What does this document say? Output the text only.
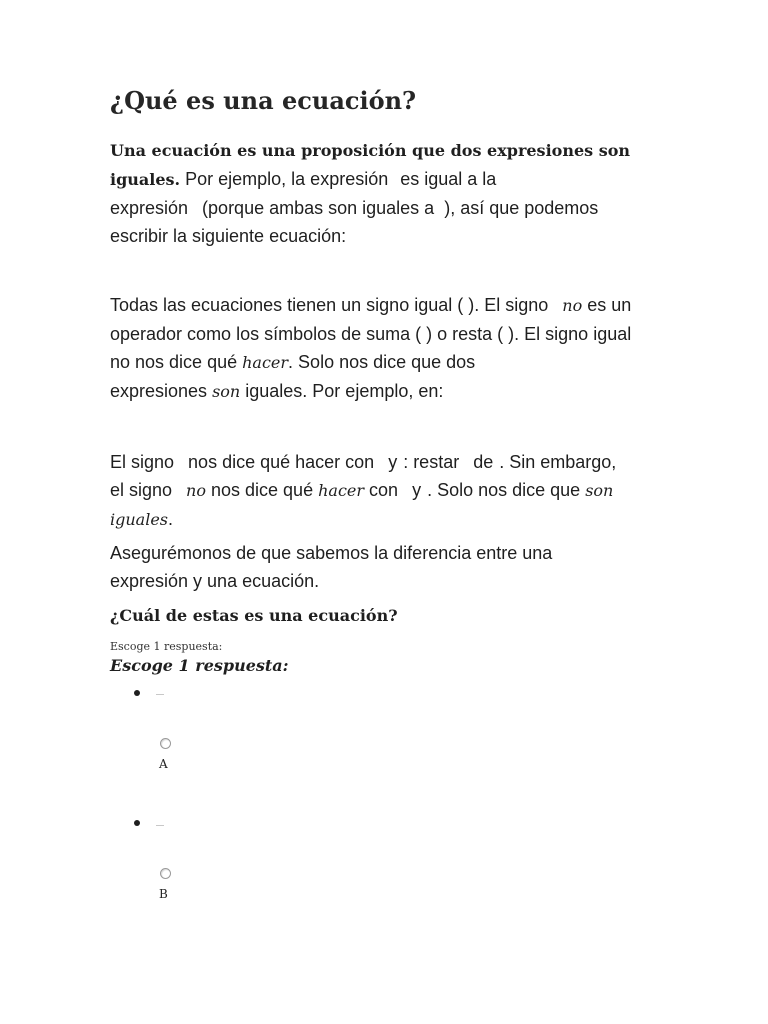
¿Qué es una ecuación?

Una ecuación es una proposición que dos expresiones son
iguales. Por ejemplo, la expresión es igual a la
expresión (porque ambas son iguales a ), así que podemos
escribir la siguiente ecuación:

Todas las ecuaciones tienen un signo igual ( ). El signo no es un
operador como los símbolos de suma ( ) o resta ( ). El signo igual
no nos dice qué hacer. Solo nos dice que dos
expresiones son iguales. Por ejemplo, en:

El signo nos dice qué hacer con y : restar de . Sin embargo,
el signo no nos dice qué hacer con y . Solo nos dice que son
iguales.

Asegurémonos de que sabemos la diferencia entre una
expresión y una ecuación.

¿Cuál de estas es una ecuación?
Escoge 1 respuesta:
Escoge 1 respuesta:
A
B
